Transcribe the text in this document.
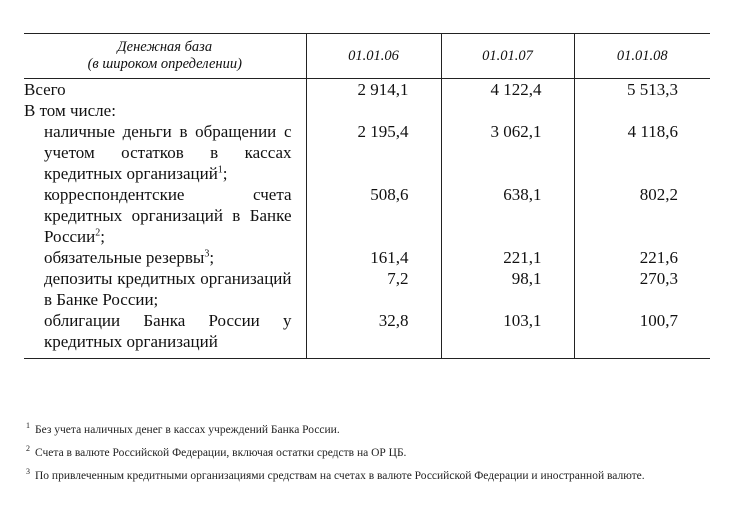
Денежная база
(в широком определении)	01.01.06	01.01.07	01.01.08
Всего	2 914,1	4 122,4	5 513,3
В том числе:			
наличные деньги в обращении с учетом остатков в кассах кредитных организаций$^1$;	2 195,4	3 062,1	4 118,6
корреспондентские счета кредитных организаций в Банке России$^2$;	508,6	638,1	802,2
обязательные резервы$^3$;	161,4	221,1	221,6
депозиты кредитных организаций в Банке России;	7,2	98,1	270,3
облигации Банка России у кредитных организаций	32,8	103,1	100,7

$^1$ Без учета наличных денег в кассах учреждений Банка России.

$^2$ Счета в валюте Российской Федерации, включая остатки средств на ОР ЦБ.

$^3$ По привлеченным кредитными организациями средствам на счетах в валюте Российской Федерации и иностранной валюте.
